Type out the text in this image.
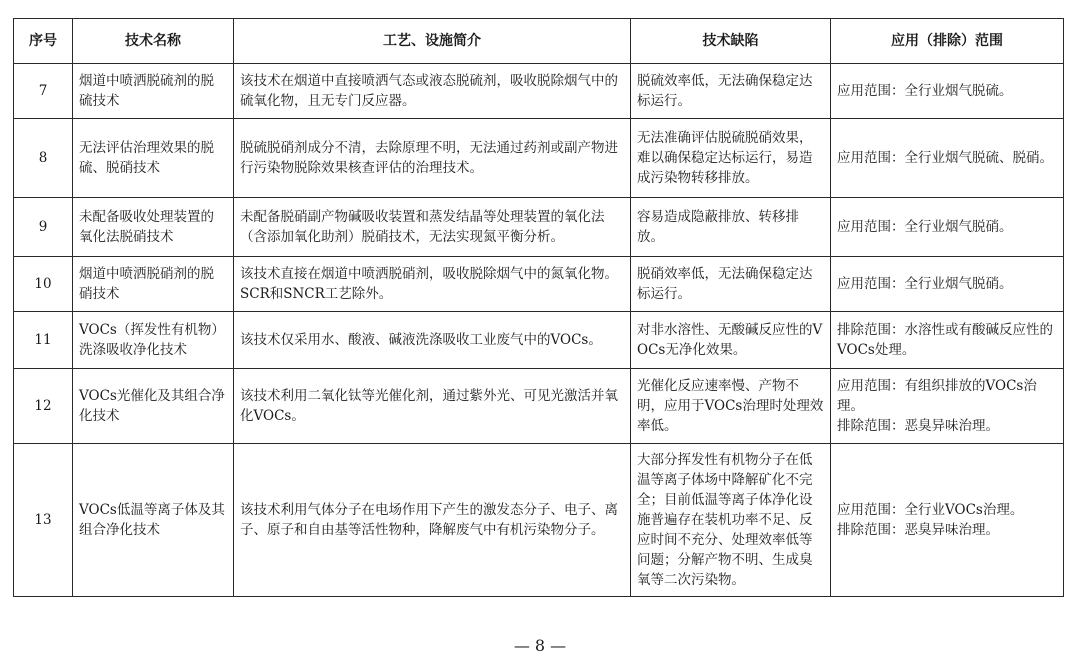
序号	技术名称	工艺、设施简介	技术缺陷	应用（排除）范围
7	烟道中喷洒脱硫剂的脱硫技术	该技术在烟道中直接喷洒气态或液态脱硫剂，吸收脱除烟气中的硫氧化物，且无专门反应器。	脱硫效率低，无法确保稳定达标运行。	应用范围：全行业烟气脱硫。

8	无法评估治理效果的脱硫、脱硝技术	脱硫脱硝剂成分不清，去除原理不明，无法通过药剂或副产物进行污染物脱除效果核查评估的治理技术。	无法准确评估脱硫脱硝效果，难以确保稳定达标运行，易造成污染物转移排放。	应用范围：全行业烟气脱硫、脱硝。

9	未配备吸收处理装置的氧化法脱硝技术	未配备脱硝副产物碱吸收装置和蒸发结晶等处理装置的氧化法（含添加氧化助剂）脱硝技术，无法实现氮平衡分析。	容易造成隐蔽排放、转移排放。	应用范围：全行业烟气脱硝。

10	烟道中喷洒脱硝剂的脱硝技术	该技术直接在烟道中喷洒脱硝剂，吸收脱除烟气中的氮氧化物。SCR和SNCR工艺除外。	脱硝效率低，无法确保稳定达标运行。	应用范围：全行业烟气脱硝。

11	VOCs（挥发性有机物）洗涤吸收净化技术	该技术仅采用水、酸液、碱液洗涤吸收工业废气中的VOCs。	对非水溶性、无酸碱反应性的VOCs无净化效果。	排除范围：水溶性或有酸碱反应性的VOCs处理。

12	VOCs光催化及其组合净化技术	该技术利用二氧化钛等光催化剂，通过紫外光、可见光激活并氧化VOCs。	光催化反应速率慢、产物不明，应用于VOCs治理时处理效率低。	应用范围：有组织排放的VOCs治理。
排除范围：恶臭异味治理。

13	VOCs低温等离子体及其组合净化技术	该技术利用气体分子在电场作用下产生的激发态分子、电子、离子、原子和自由基等活性物种，降解废气中有机污染物分子。	大部分挥发性有机物分子在低温等离子体场中降解矿化不完全；目前低温等离子体净化设施普遍存在装机功率不足、反应时间不充分、处理效率低等问题；分解产物不明、生成臭氧等二次污染物。	应用范围：全行业VOCs治理。
排除范围：恶臭异味治理。
— 8 —
